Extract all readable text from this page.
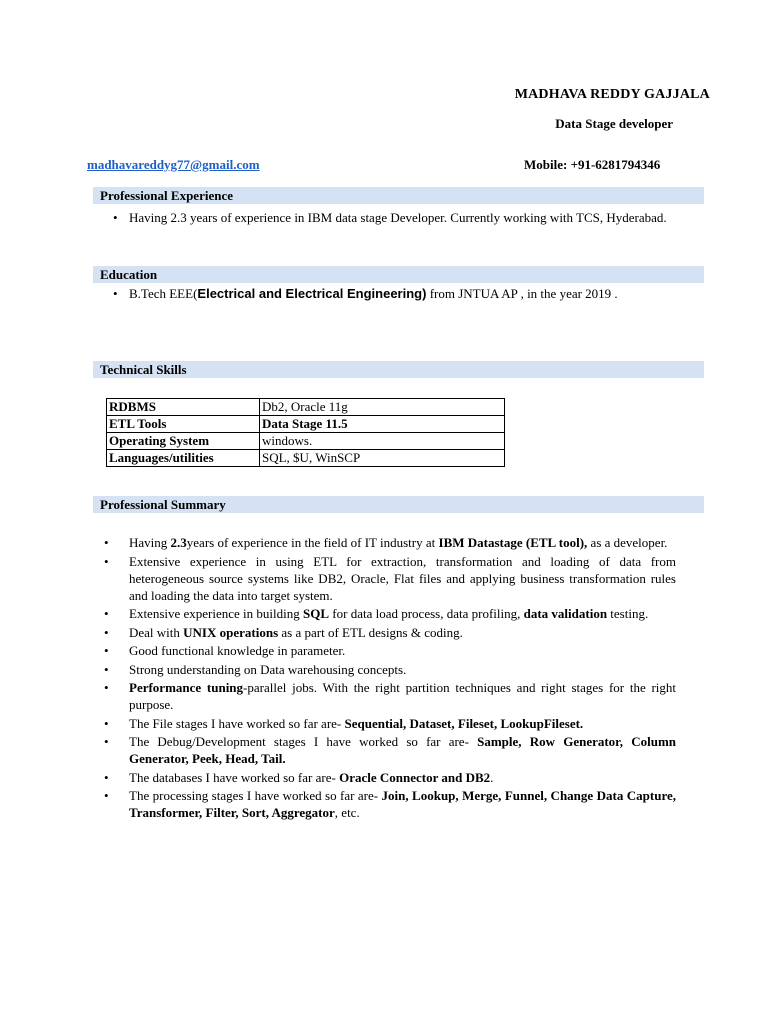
MADHAVA REDDY GAJJALA
Data Stage developer
madhavareddyg77@gmail.com	Mobile: +91-6281794346
Professional Experience
• Having 2.3 years of experience in IBM data stage Developer. Currently working with TCS, Hyderabad.
Education
• B.Tech EEE(Electrical and Electrical Engineering) from JNTUA AP , in the year 2019 .
Technical Skills
RDBMS	Db2, Oracle 11g
ETL Tools	Data Stage 11.5
Operating System	windows.
Languages/utilities	SQL, $U, WinSCP
Professional Summary
• Having 2.3years of experience in the field of IT industry at IBM Datastage (ETL tool), as a developer.
• Extensive experience in using ETL for extraction, transformation and loading of data from heterogeneous source systems like DB2, Oracle, Flat files and applying business transformation rules and loading the data into target system.
• Extensive experience in building SQL for data load process, data profiling, data validation testing.
• Deal with UNIX operations as a part of ETL designs & coding.
• Good functional knowledge in parameter.
• Strong understanding on Data warehousing concepts.
• Performance tuning-parallel jobs. With the right partition techniques and right stages for the right purpose.
• The File stages I have worked so far are- Sequential, Dataset, Fileset, LookupFileset.
• The Debug/Development stages I have worked so far are- Sample, Row Generator, Column Generator, Peek, Head, Tail.
• The databases I have worked so far are- Oracle Connector and DB2.
• The processing stages I have worked so far are- Join, Lookup, Merge, Funnel, Change Data Capture, Transformer, Filter, Sort, Aggregator, etc.
